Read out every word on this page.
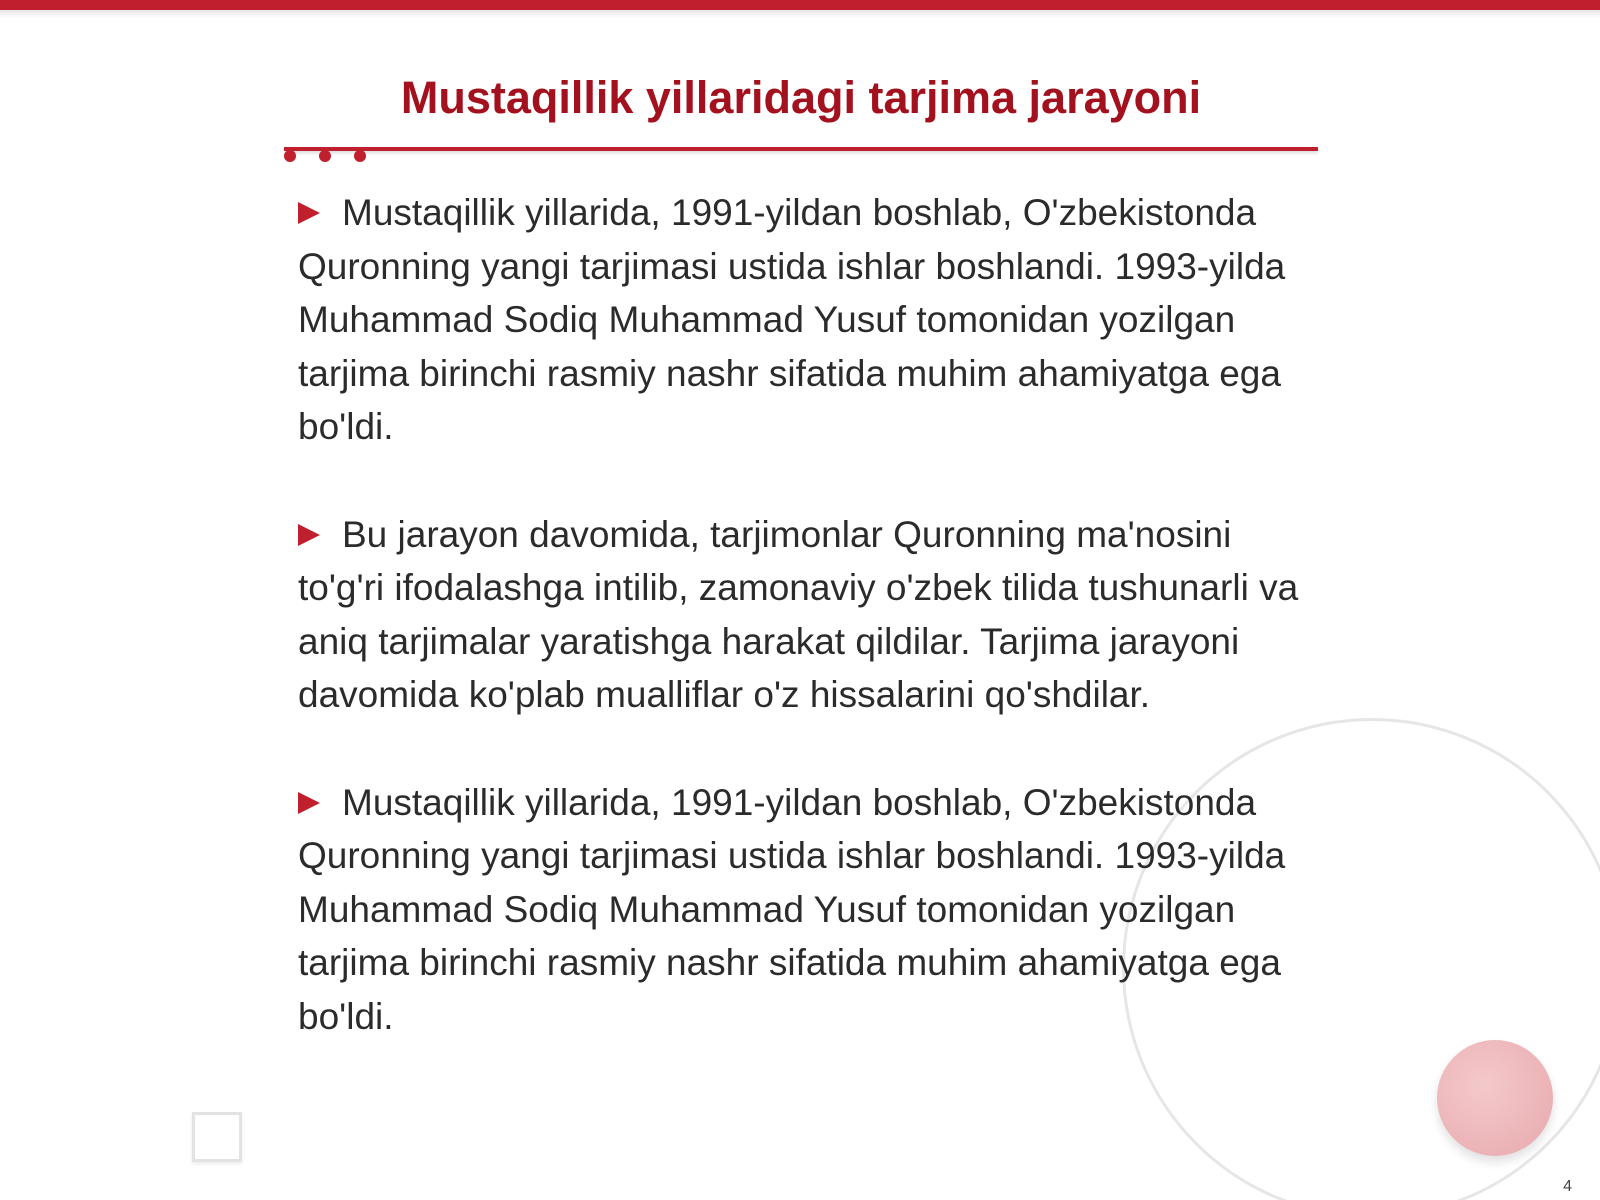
Mustaqillik yillaridagi tarjima jarayoni

Mustaqillik yillarida, 1991-yildan boshlab, O'zbekistonda Quronning yangi tarjimasi ustida ishlar boshlandi. 1993-yilda Muhammad Sodiq Muhammad Yusuf tomonidan yozilgan tarjima birinchi rasmiy nashr sifatida muhim ahamiyatga ega bo'ldi.

Bu jarayon davomida, tarjimonlar Quronning ma'nosini to'g'ri ifodalashga intilib, zamonaviy o'zbek tilida tushunarli va aniq tarjimalar yaratishga harakat qildilar. Tarjima jarayoni davomida ko'plab mualliflar o'z hissalarini qo'shdilar.

Mustaqillik yillarida, 1991-yildan boshlab, O'zbekistonda Quronning yangi tarjimasi ustida ishlar boshlandi. 1993-yilda Muhammad Sodiq Muhammad Yusuf tomonidan yozilgan tarjima birinchi rasmiy nashr sifatida muhim ahamiyatga ega bo'ldi.

4
